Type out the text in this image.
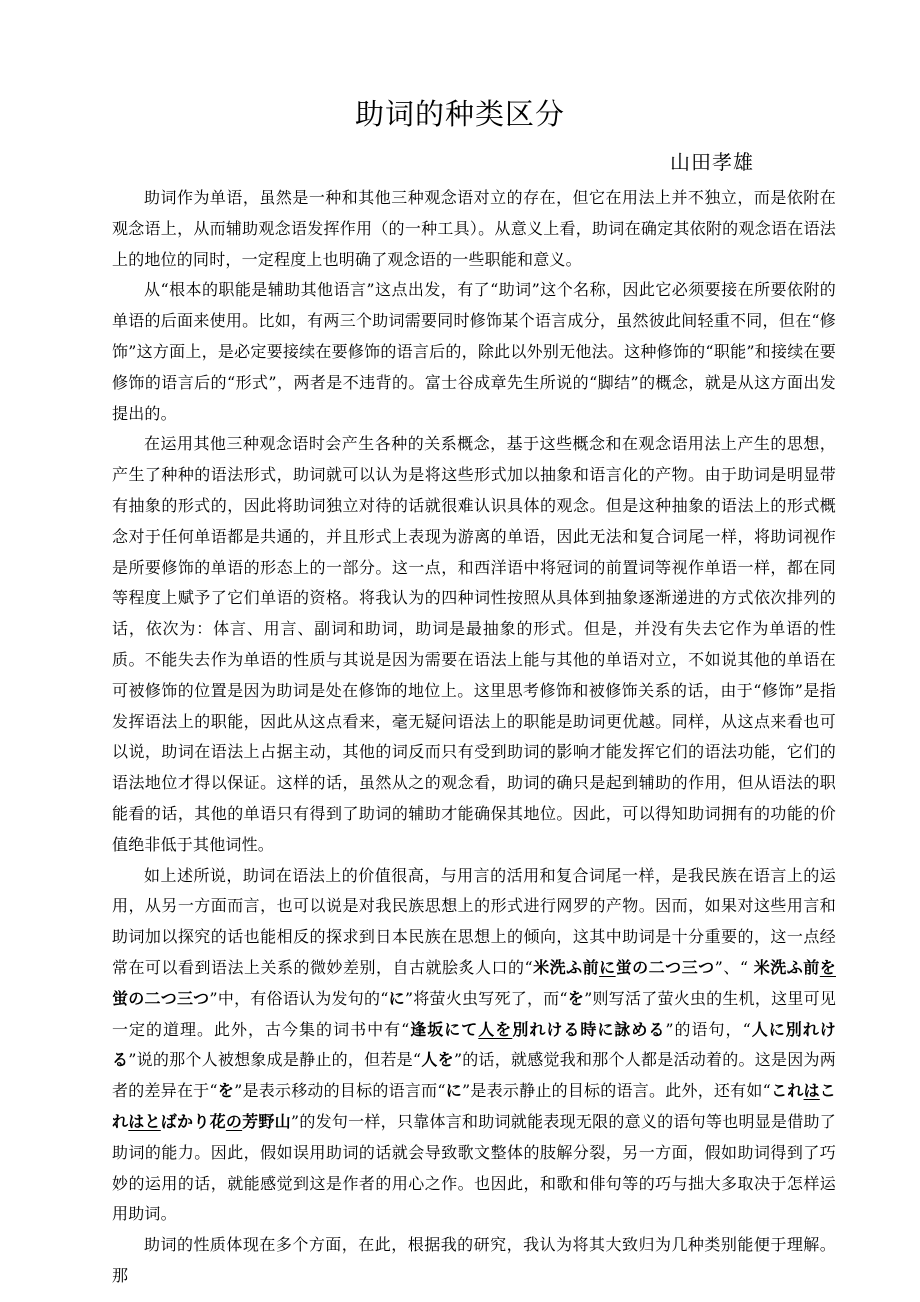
助词的种类区分
山田孝雄

助词作为单语，虽然是一种和其他三种观念语对立的存在，但它在用法上并不独立，而是依附在观念语上，从而辅助观念语发挥作用（的一种工具）。从意义上看，助词在确定其依附的观念语在语法上的地位的同时，一定程度上也明确了观念语的一些职能和意义。

从“根本的职能是辅助其他语言”这点出发，有了“助词”这个名称，因此它必须要接在所要依附的单语的后面来使用。比如，有两三个助词需要同时修饰某个语言成分，虽然彼此间轻重不同，但在“修饰”这方面上，是必定要接续在要修饰的语言后的，除此以外别无他法。这种修饰的“职能”和接续在要修饰的语言后的“形式”，两者是不违背的。富士谷成章先生所说的“脚结”的概念，就是从这方面出发提出的。

在运用其他三种观念语时会产生各种的关系概念，基于这些概念和在观念语用法上产生的思想，产生了种种的语法形式，助词就可以认为是将这些形式加以抽象和语言化的产物。由于助词是明显带有抽象的形式的，因此将助词独立对待的话就很难认识具体的观念。但是这种抽象的语法上的形式概念对于任何单语都是共通的，并且形式上表现为游离的单语，因此无法和复合词尾一样，将助词视作是所要修饰的单语的形态上的一部分。这一点，和西洋语中将冠词的前置词等视作单语一样，都在同等程度上赋予了它们单语的资格。将我认为的四种词性按照从具体到抽象逐渐递进的方式依次排列的话，依次为：体言、用言、副词和助词，助词是最抽象的形式。但是，并没有失去它作为单语的性质。不能失去作为单语的性质与其说是因为需要在语法上能与其他的单语对立，不如说其他的单语在可被修饰的位置是因为助词是处在修饰的地位上。这里思考修饰和被修饰关系的话，由于“修饰”是指发挥语法上的职能，因此从这点看来，毫无疑问语法上的职能是助词更优越。同样，从这点来看也可以说，助词在语法上占据主动，其他的词反而只有受到助词的影响才能发挥它们的语法功能，它们的语法地位才得以保证。这样的话，虽然从之的观念看，助词的确只是起到辅助的作用，但从语法的职能看的话，其他的单语只有得到了助词的辅助才能确保其地位。因此，可以得知助词拥有的功能的价值绝非低于其他词性。

如上述所说，助词在语法上的价值很高，与用言的活用和复合词尾一样，是我民族在语言上的运用，从另一方面而言，也可以说是对我民族思想上的形式进行网罗的产物。因而，如果对这些用言和助词加以探究的话也能相反的探求到日本民族在思想上的倾向，这其中助词是十分重要的，这一点经常在可以看到语法上关系的微妙差别，自古就脍炙人口的“米洗ふ前に蛍の二つ三つ”、“ 米洗ふ前を蛍の二つ三つ”中，有俗语认为发句的“に”将萤火虫写死了，而“を”则写活了萤火虫的生机，这里可见一定的道理。此外，古今集的词书中有“逢坂にて人を別れける時に詠める”的语句，“人に別れける”说的那个人被想象成是静止的，但若是“人を”的话，就感觉我和那个人都是活动着的。这是因为两者的差异在于“を”是表示移动的目标的语言而“に”是表示静止的目标的语言。此外，还有如“これはこれはとばかり花の芳野山”的发句一样，只靠体言和助词就能表现无限的意义的语句等也明显是借助了助词的能力。因此，假如误用助词的话就会导致歌文整体的肢解分裂，另一方面，假如助词得到了巧妙的运用的话，就能感觉到这是作者的用心之作。也因此，和歌和俳句等的巧与拙大多取决于怎样运用助词。

助词的性质体现在多个方面，在此，根据我的研究，我认为将其大致归为几种类别能便于理解。那
